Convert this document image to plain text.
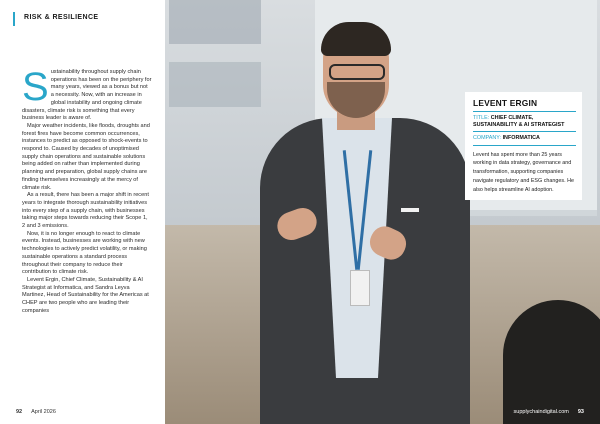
RISK & RESILIENCE

Sustainability throughout supply chain operations has been on the periphery for many years, viewed as a bonus but not a necessity. Now, with an increase in global instability and ongoing climate disasters, climate risk is something that every business leader is aware of.

Major weather incidents, like floods, droughts and forest fires have become common occurrences, instances to predict as opposed to shock-events to respond to. Caused by decades of unoptimised supply chain operations and sustainable solutions being added on rather than implemented during planning and preparation, global supply chains are finding themselves increasingly at the mercy of climate risk.

As a result, there has been a major shift in recent years to integrate thorough sustainability initiatives into every step of a supply chain, with businesses taking major steps towards reducing their Scope 1, 2 and 3 emissions.

Now, it is no longer enough to react to climate events. Instead, businesses are working with new technologies to actively predict volatility, or making sustainable operations a standard process throughout their company to reduce their contribution to climate risk.

Levent Ergin, Chief Climate, Sustainability & AI Strategist at Informatica, and Sandra Leyva Martinez, Head of Sustainability for the Americas at CHEP are two people who are leading their companies

92 April 2026
LEVENT ERGIN
TITLE: CHIEF CLIMATE, SUSTAINABILITY & AI STRATEGIST
COMPANY: INFORMATICA
Levent has spent more than 25 years working in data strategy, governance and transformation, supporting companies navigate regulatory and ESG changes. He also helps streamline AI adoption.
supplychaindigital.com 93
